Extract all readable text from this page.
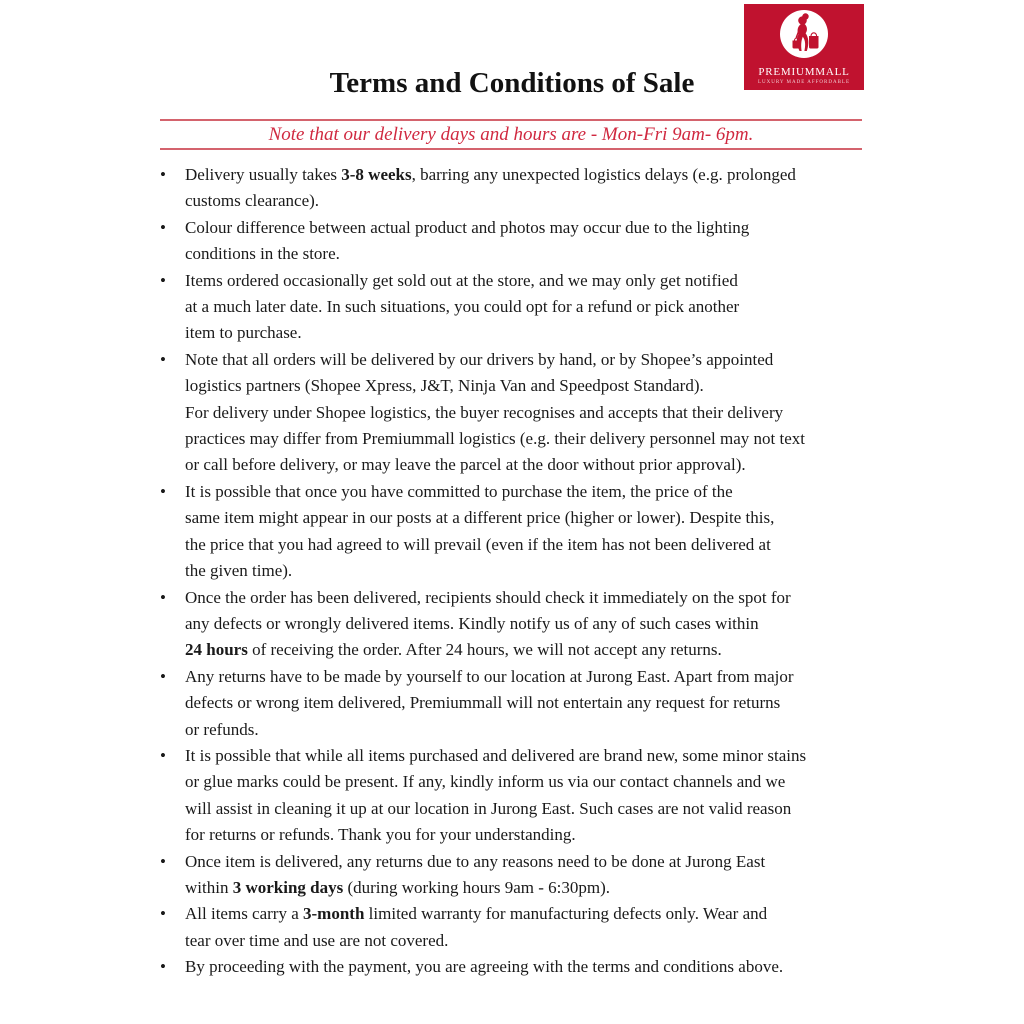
PREMIUMMALL
LUXURY MADE AFFORDABLE
Terms and Conditions of Sale
Note that our delivery days and hours are - Mon-Fri 9am- 6pm.
•	Delivery usually takes 3-8 weeks, barring any unexpected logistics delays (e.g. prolonged
customs clearance).
•	Colour difference between actual product and photos may occur due to the lighting
conditions in the store.
•	Items ordered occasionally get sold out at the store, and we may only get notified
at a much later date. In such situations, you could opt for a refund or pick another
item to purchase.
•	Note that all orders will be delivered by our drivers by hand, or by Shopee’s appointed
logistics partners (Shopee Xpress, J&T, Ninja Van and Speedpost Standard).
For delivery under Shopee logistics, the buyer recognises and accepts that their delivery
practices may differ from Premiummall logistics (e.g. their delivery personnel may not text
or call before delivery, or may leave the parcel at the door without prior approval).
•	It is possible that once you have committed to purchase the item, the price of the
same item might appear in our posts at a different price (higher or lower). Despite this,
the price that you had agreed to will prevail (even if the item has not been delivered at
the given time).
•	Once the order has been delivered, recipients should check it immediately on the spot for
any defects or wrongly delivered items. Kindly notify us of any of such cases within
24 hours of receiving the order. After 24 hours, we will not accept any returns.
•	Any returns have to be made by yourself to our location at Jurong East. Apart from major
defects or wrong item delivered, Premiummall will not entertain any request for returns
or refunds.
•	It is possible that while all items purchased and delivered are brand new, some minor stains
or glue marks could be present. If any, kindly inform us via our contact channels and we
will assist in cleaning it up at our location in Jurong East. Such cases are not valid reason
for returns or refunds. Thank you for your understanding.
•	Once item is delivered, any returns due to any reasons need to be done at Jurong East
within 3 working days (during working hours 9am - 6:30pm).
•	All items carry a 3-month limited warranty for manufacturing defects only. Wear and
tear over time and use are not covered.
•	By proceeding with the payment, you are agreeing with the terms and conditions above.
